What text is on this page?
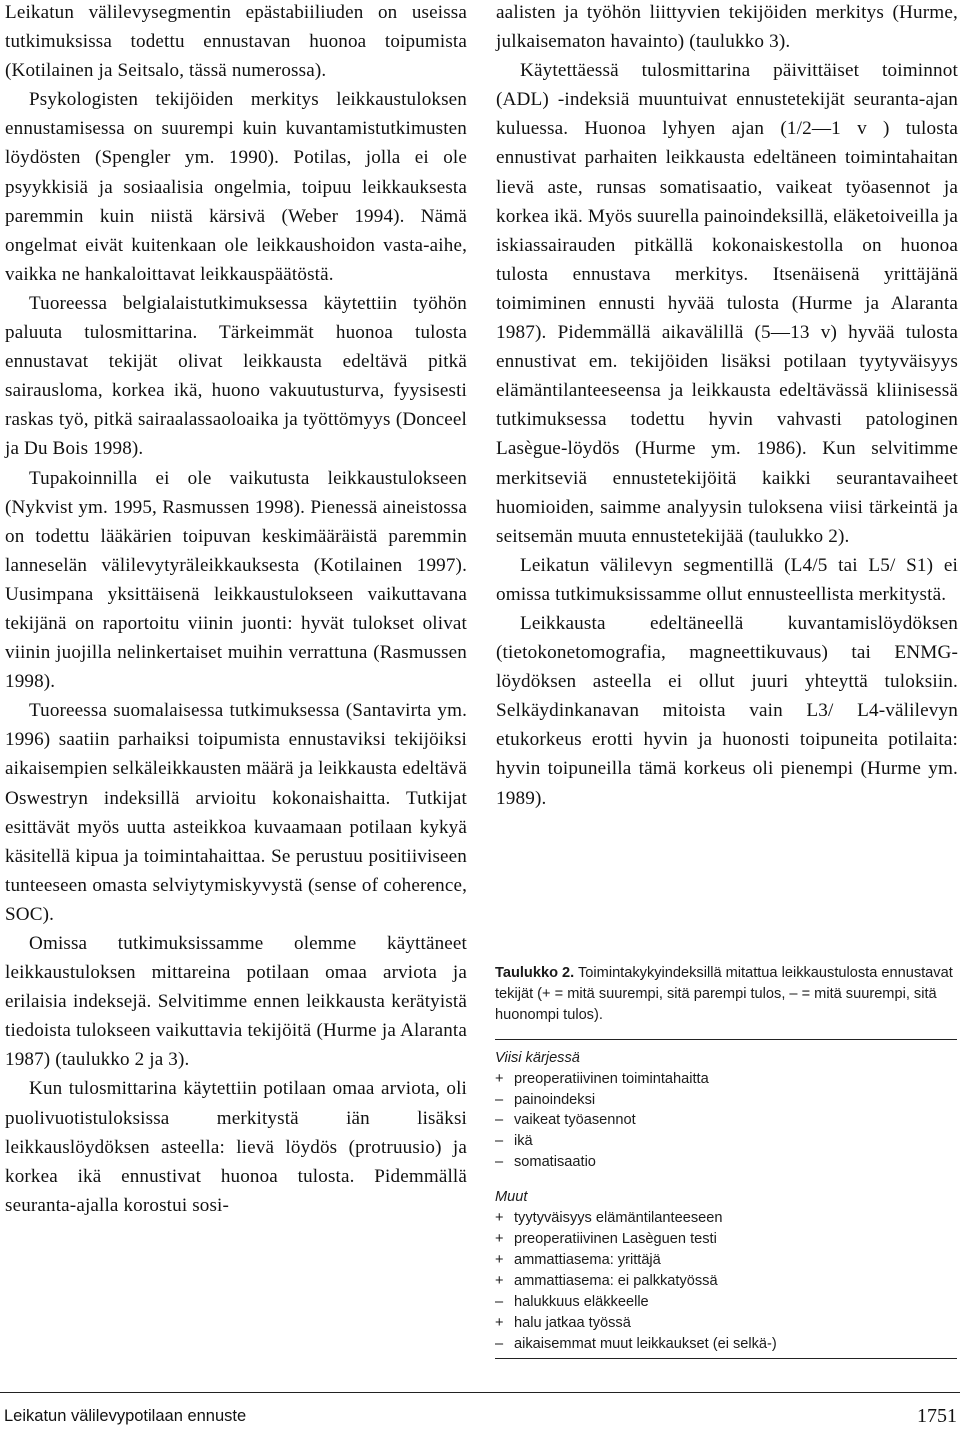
Leikatun välilevysegmentin epästabiiliuden on useissa tutkimuksissa todettu ennustavan huonoa toipumista (Kotilainen ja Seitsalo, tässä numerossa).

Psykologisten tekijöiden merkitys leikkaustuloksen ennustamisessa on suurempi kuin kuvantamistutkimusten löydösten (Spengler ym. 1990). Potilas, jolla ei ole psyykkisiä ja sosiaalisia ongelmia, toipuu leikkauksesta paremmin kuin niistä kärsivä (Weber 1994). Nämä ongelmat eivät kuitenkaan ole leikkaushoidon vasta-aihe, vaikka ne hankaloittavat leikkauspäätöstä.

Tuoreessa belgialaistutkimuksessa käytettiin työhön paluuta tulosmittarina. Tärkeimmät huonoa tulosta ennustavat tekijät olivat leikkausta edeltävä pitkä sairausloma, korkea ikä, huono vakuutusturva, fyysisesti raskas työ, pitkä sairaalassaoloaika ja työttömyys (Donceel ja Du Bois 1998).

Tupakoinnilla ei ole vaikutusta leikkaustulokseen (Nykvist ym. 1995, Rasmussen 1998). Pienessä aineistossa on todettu lääkärien toipuvan keskimääräistä paremmin lanneselän välilevytyräleikkauksesta (Kotilainen 1997). Uusimpana yksittäisenä leikkaustulokseen vaikuttavana tekijänä on raportoitu viinin juonti: hyvät tulokset olivat viinin juojilla nelinkertaiset muihin verrattuna (Rasmussen 1998).

Tuoreessa suomalaisessa tutkimuksessa (Santavirta ym. 1996) saatiin parhaiksi toipumista ennustaviksi tekijöiksi aikaisempien selkäleikkausten määrä ja leikkausta edeltävä Oswestryn indeksillä arvioitu kokonaishaitta. Tutkijat esittävät myös uutta asteikkoa kuvaamaan potilaan kykyä käsitellä kipua ja toimintahaittaa. Se perustuu positiiviseen tunteeseen omasta selviytymiskyvystä (sense of coherence, SOC).

Omissa tutkimuksissamme olemme käyttäneet leikkaustuloksen mittareina potilaan omaa arviota ja erilaisia indeksejä. Selvitimme ennen leikkausta kerätyistä tiedoista tulokseen vaikuttavia tekijöitä (Hurme ja Alaranta 1987) (taulukko 2 ja 3).

Kun tulosmittarina käytettiin potilaan omaa arviota, oli puolivuotistuloksissa merkitystä iän lisäksi leikkauslöydöksen asteella: lievä löydös (protruusio) ja korkea ikä ennustivat huonoa tulosta. Pidemmällä seuranta-ajalla korostui sosi-

aalisten ja työhön liittyvien tekijöiden merkitys (Hurme, julkaisematon havainto) (taulukko 3).

Käytettäessä tulosmittarina päivittäiset toiminnot (ADL) -indeksiä muuntuivat ennustetekijät seuranta-ajan kuluessa. Huonoa lyhyen ajan (1/2—1 v ) tulosta ennustivat parhaiten leikkausta edeltäneen toimintahaitan lievä aste, runsas somatisaatio, vaikeat työasennot ja korkea ikä. Myös suurella painoindeksillä, eläketoiveilla ja iskiassairauden pitkällä kokonaiskestolla on huonoa tulosta ennustava merkitys. Itsenäisenä yrittäjänä toimiminen ennusti hyvää tulosta (Hurme ja Alaranta 1987). Pidemmällä aikavälillä (5—13 v) hyvää tulosta ennustivat em. tekijöiden lisäksi potilaan tyytyväisyys elämäntilanteeseensa ja leikkausta edeltävässä kliinisessä tutkimuksessa todettu hyvin vahvasti patologinen Lasègue-löydös (Hurme ym. 1986). Kun selvitimme merkitseviä ennustetekijöitä kaikki seurantavaiheet huomioiden, saimme analyysin tuloksena viisi tärkeintä ja seitsemän muuta ennustetekijää (taulukko 2).

Leikatun välilevyn segmentillä (L4/5 tai L5/ S1) ei omissa tutkimuksissamme ollut ennusteellista merkitystä.

Leikkausta edeltäneellä kuvantamislöydöksen (tietokonetomografia, magneettikuvaus) tai ENMG-löydöksen asteella ei ollut juuri yhteyttä tuloksiin. Selkäydinkanavan mitoista vain L3/ L4-välilevyn etukorkeus erotti hyvin ja huonosti toipuneita potilaita: hyvin toipuneilla tämä korkeus oli pienempi (Hurme ym. 1989).

Taulukko 2. Toimintakykyindeksillä mitattua leikkaustulosta ennustavat tekijät (+ = mitä suurempi, sitä parempi tulos, – = mitä suurempi, sitä huonompi tulos).

Viisi kärjessä

+ preoperatiivinen toimintahaitta
– painoindeksi
– vaikeat työasennot
– ikä
– somatisaatio

Muut

+ tyytyväisyys elämäntilanteeseen
+ preoperatiivinen Lasèguen testi
+ ammattiasema: yrittäjä
+ ammattiasema: ei palkkatyössä
– halukkuus eläkkeelle
+ halu jatkaa työssä
– aikaisemmat muut leikkaukset (ei selkä-)
Leikatun välilevypotilaan ennuste	1751
